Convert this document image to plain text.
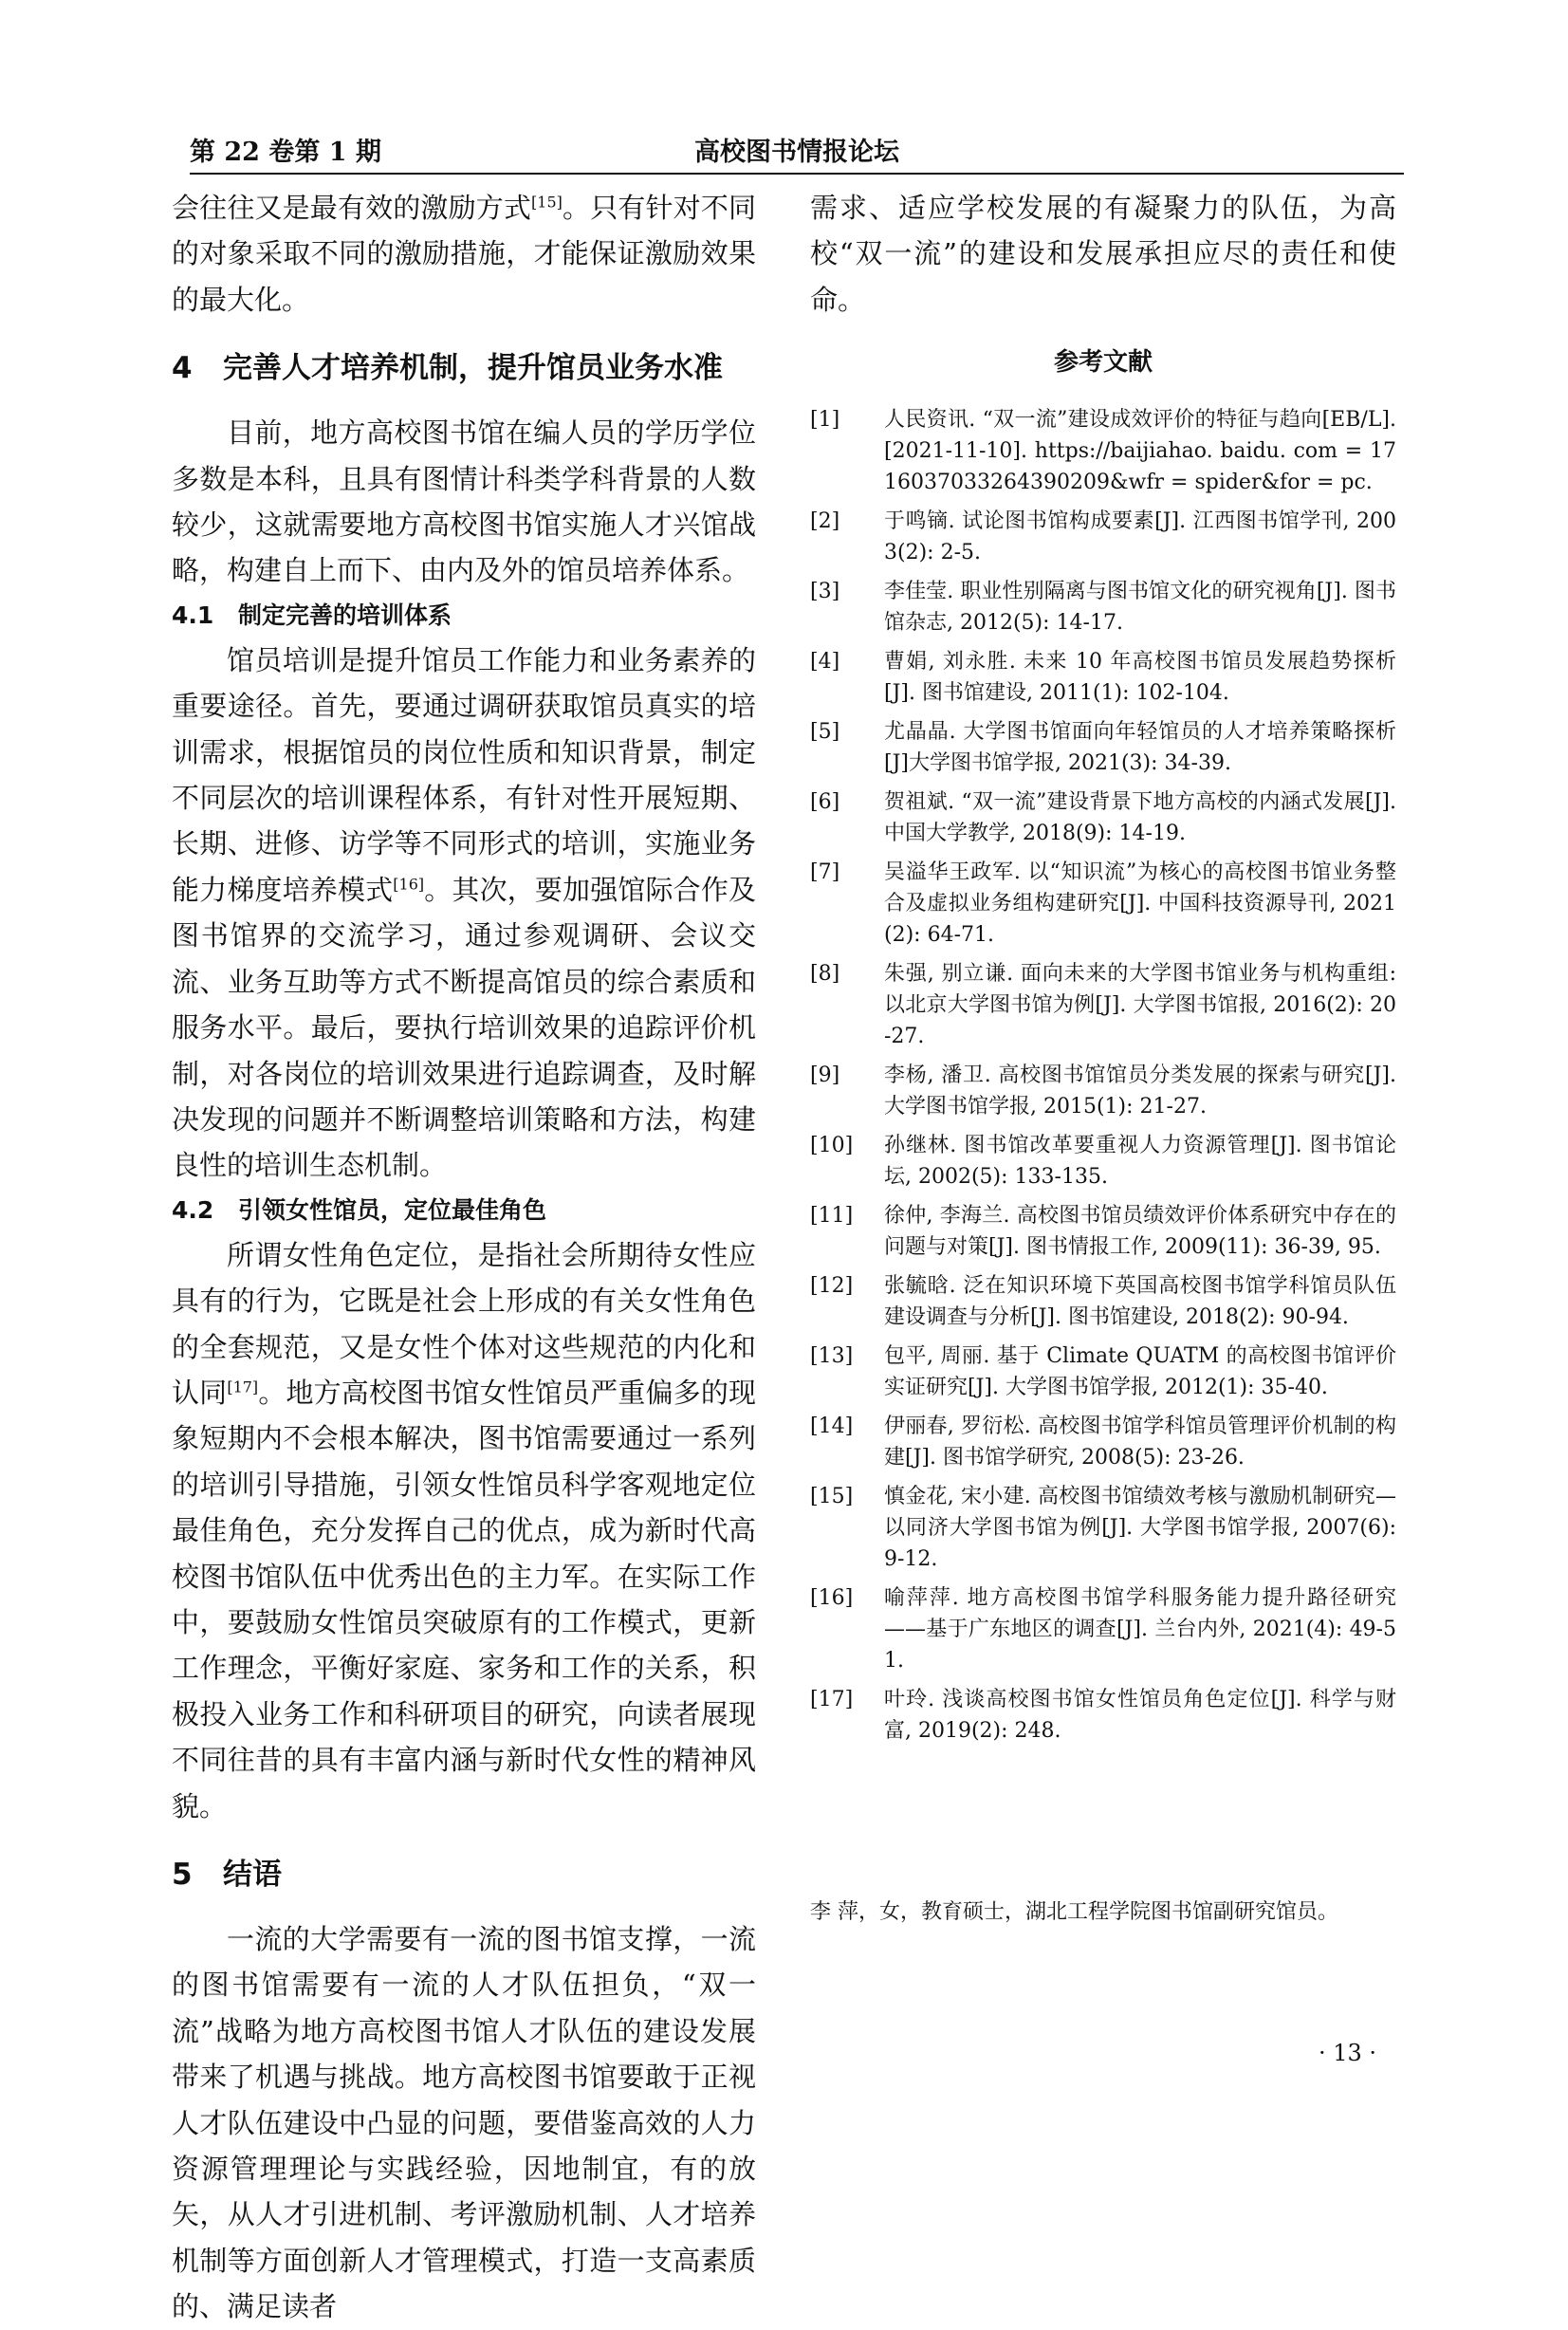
第 22 卷第 1 期	高校图书情报论坛

会往往又是最有效的激励方式[15]。只有针对不同的对象采取不同的激励措施，才能保证激励效果的最大化。

4 完善人才培养机制，提升馆员业务水准

目前，地方高校图书馆在编人员的学历学位多数是本科，且具有图情计科类学科背景的人数较少，这就需要地方高校图书馆实施人才兴馆战略，构建自上而下、由内及外的馆员培养体系。

4.1 制定完善的培训体系

馆员培训是提升馆员工作能力和业务素养的重要途径。首先，要通过调研获取馆员真实的培训需求，根据馆员的岗位性质和知识背景，制定不同层次的培训课程体系，有针对性开展短期、长期、进修、访学等不同形式的培训，实施业务能力梯度培养模式[16]。其次，要加强馆际合作及图书馆界的交流学习，通过参观调研、会议交流、业务互助等方式不断提高馆员的综合素质和服务水平。最后，要执行培训效果的追踪评价机制，对各岗位的培训效果进行追踪调查，及时解决发现的问题并不断调整培训策略和方法，构建良性的培训生态机制。

4.2 引领女性馆员，定位最佳角色

所谓女性角色定位，是指社会所期待女性应具有的行为，它既是社会上形成的有关女性角色的全套规范，又是女性个体对这些规范的内化和认同[17]。地方高校图书馆女性馆员严重偏多的现象短期内不会根本解决，图书馆需要通过一系列的培训引导措施，引领女性馆员科学客观地定位最佳角色，充分发挥自己的优点，成为新时代高校图书馆队伍中优秀出色的主力军。在实际工作中，要鼓励女性馆员突破原有的工作模式，更新工作理念，平衡好家庭、家务和工作的关系，积极投入业务工作和科研项目的研究，向读者展现不同往昔的具有丰富内涵与新时代女性的精神风貌。

5 结语

一流的大学需要有一流的图书馆支撑，一流的图书馆需要有一流的人才队伍担负，“双一流”战略为地方高校图书馆人才队伍的建设发展带来了机遇与挑战。地方高校图书馆要敢于正视人才队伍建设中凸显的问题，要借鉴高效的人力资源管理理论与实践经验，因地制宜，有的放矢，从人才引进机制、考评激励机制、人才培养机制等方面创新人才管理模式，打造一支高素质的、满足读者

需求、适应学校发展的有凝聚力的队伍，为高校“双一流”的建设和发展承担应尽的责任和使命。

参考文献
[1]	人民资讯. “双一流”建设成效评价的特征与趋向[EB/L]. [2021-11-10]. https://baijiahao. baidu. com = 1716037033264390209&wfr = spider&for = pc.
[2]	于鸣镝. 试论图书馆构成要素[J]. 江西图书馆学刊, 2003(2): 2-5.
[3]	李佳莹. 职业性别隔离与图书馆文化的研究视角[J]. 图书馆杂志, 2012(5): 14-17.
[4]	曹娟, 刘永胜. 未来 10 年高校图书馆员发展趋势探析[J]. 图书馆建设, 2011(1): 102-104.
[5]	尤晶晶. 大学图书馆面向年轻馆员的人才培养策略探析[J]大学图书馆学报, 2021(3): 34-39.
[6]	贺祖斌. “双一流”建设背景下地方高校的内涵式发展[J]. 中国大学教学, 2018(9): 14-19.
[7]	吴溢华王政军. 以“知识流”为核心的高校图书馆业务整合及虚拟业务组构建研究[J]. 中国科技资源导刊, 2021(2): 64-71.
[8]	朱强, 别立谦. 面向未来的大学图书馆业务与机构重组: 以北京大学图书馆为例[J]. 大学图书馆报, 2016(2): 20-27.
[9]	李杨, 潘卫. 高校图书馆馆员分类发展的探索与研究[J]. 大学图书馆学报, 2015(1): 21-27.
[10]	孙继林. 图书馆改革要重视人力资源管理[J]. 图书馆论坛, 2002(5): 133-135.
[11]	徐仲, 李海兰. 高校图书馆员绩效评价体系研究中存在的问题与对策[J]. 图书情报工作, 2009(11): 36-39, 95.
[12]	张毓晗. 泛在知识环境下英国高校图书馆学科馆员队伍建设调查与分析[J]. 图书馆建设, 2018(2): 90-94.
[13]	包平, 周丽. 基于 Climate QUATM 的高校图书馆评价实证研究[J]. 大学图书馆学报, 2012(1): 35-40.
[14]	伊丽春, 罗衍松. 高校图书馆学科馆员管理评价机制的构建[J]. 图书馆学研究, 2008(5): 23-26.
[15]	慎金花, 宋小建. 高校图书馆绩效考核与激励机制研究—以同济大学图书馆为例[J]. 大学图书馆学报, 2007(6): 9-12.
[16]	喻萍萍. 地方高校图书馆学科服务能力提升路径研究——基于广东地区的调查[J]. 兰台内外, 2021(4): 49-51.
[17]	叶玲. 浅谈高校图书馆女性馆员角色定位[J]. 科学与财富, 2019(2): 248.
李 萍，女，教育硕士，湖北工程学院图书馆副研究馆员。
· 13 ·
